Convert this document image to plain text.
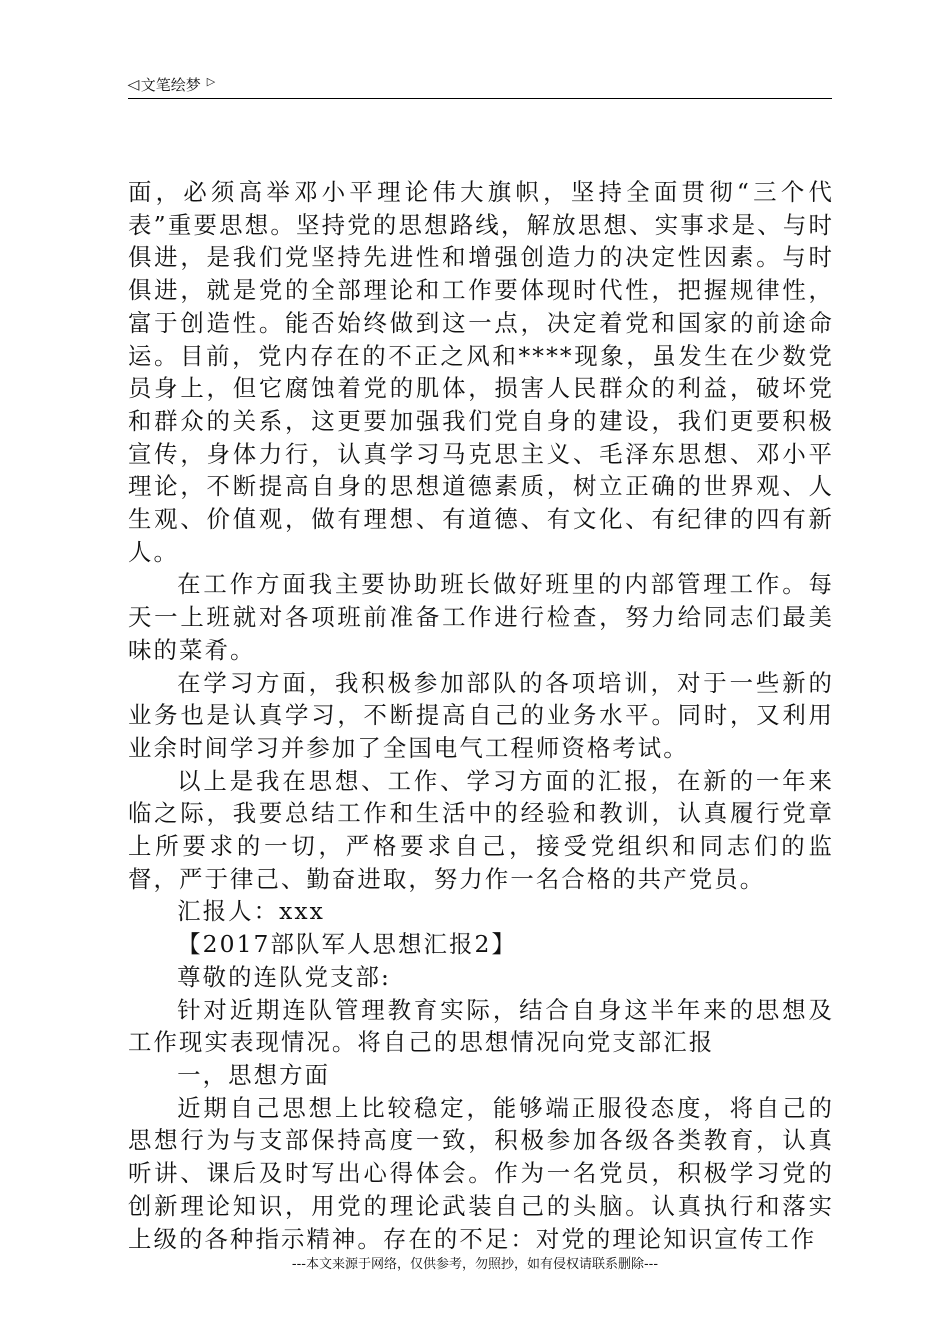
◁ 文笔绘梦 ▷

面，必须高举邓小平理论伟大旗帜，坚持全面贯彻“三个代表”重要思想。坚持党的思想路线，解放思想、实事求是、与时俱进，是我们党坚持先进性和增强创造力的决定性因素。与时俱进，就是党的全部理论和工作要体现时代性，把握规律性，富于创造性。能否始终做到这一点，决定着党和国家的前途命运。目前，党内存在的不正之风和****现象，虽发生在少数党员身上，但它腐蚀着党的肌体，损害人民群众的利益，破坏党和群众的关系，这更要加强我们党自身的建设，我们更要积极宣传，身体力行，认真学习马克思主义、毛泽东思想、邓小平理论，不断提高自身的思想道德素质，树立正确的世界观、人生观、价值观，做有理想、有道德、有文化、有纪律的四有新人。

在工作方面我主要协助班长做好班里的内部管理工作。每天一上班就对各项班前准备工作进行检查，努力给同志们最美味的菜肴。

在学习方面，我积极参加部队的各项培训，对于一些新的业务也是认真学习，不断提高自己的业务水平。同时，又利用业余时间学习并参加了全国电气工程师资格考试。

以上是我在思想、工作、学习方面的汇报，在新的一年来临之际，我要总结工作和生活中的经验和教训，认真履行党章上所要求的一切，严格要求自己，接受党组织和同志们的监督，严于律己、勤奋进取，努力作一名合格的共产党员。

汇报人：xxx

【2017部队军人思想汇报2】

尊敬的连队党支部:

针对近期连队管理教育实际，结合自身这半年来的思想及工作现实表现情况。将自己的思想情况向党支部汇报

一，思想方面

近期自己思想上比较稳定，能够端正服役态度，将自己的思想行为与支部保持高度一致，积极参加各级各类教育，认真听讲、课后及时写出心得体会。作为一名党员，积极学习党的创新理论知识，用党的理论武装自己的头脑。认真执行和落实上级的各种指示精神。存在的不足：对党的理论知识宣传工作

---本文来源于网络，仅供参考，勿照抄，如有侵权请联系删除---
